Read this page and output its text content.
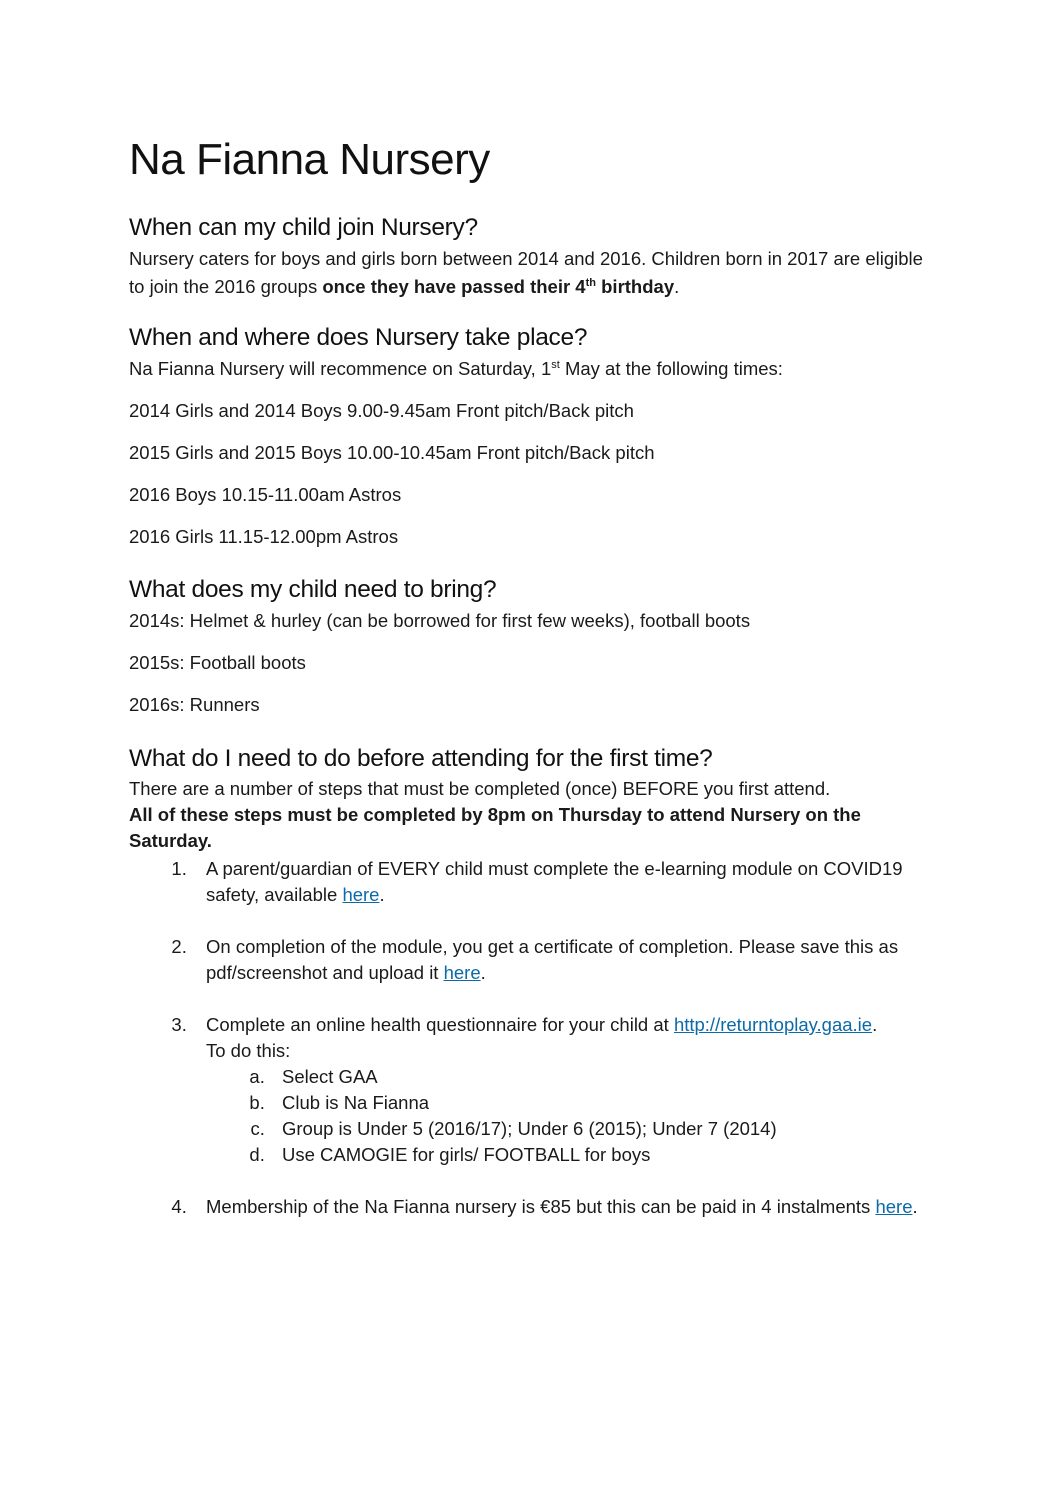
Na Fianna Nursery
When can my child join Nursery?

Nursery caters for boys and girls born between 2014 and 2016. Children born in 2017 are eligible to join the 2016 groups once they have passed their 4th birthday.

When and where does Nursery take place?

Na Fianna Nursery will recommence on Saturday, 1st May at the following times:

2014 Girls and 2014 Boys 9.00-9.45am Front pitch/Back pitch

2015 Girls and 2015 Boys 10.00-10.45am Front pitch/Back pitch

2016 Boys 10.15-11.00am Astros

2016 Girls 11.15-12.00pm Astros

What does my child need to bring?

2014s: Helmet & hurley (can be borrowed for first few weeks), football boots

2015s: Football boots

2016s: Runners

What do I need to do before attending for the first time?

There are a number of steps that must be completed (once) BEFORE you first attend.

All of these steps must be completed by 8pm on Thursday to attend Nursery on the Saturday.

1. A parent/guardian of EVERY child must complete the e-learning module on COVID19 safety, available here.
2. On completion of the module, you get a certificate of completion. Please save this as pdf/screenshot and upload it here.
3. Complete an online health questionnaire for your child at http://returntoplay.gaa.ie.
To do this:
a. Select GAA
b. Club is Na Fianna
c. Group is Under 5 (2016/17); Under 6 (2015); Under 7 (2014)
d. Use CAMOGIE for girls/ FOOTBALL for boys
4. Membership of the Na Fianna nursery is €85 but this can be paid in 4 instalments here.
